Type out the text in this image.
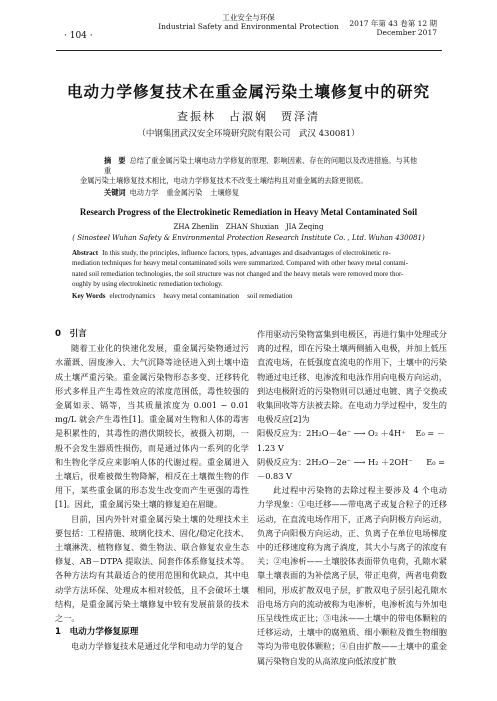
· 104 ·
工业安全与环保
Industrial Safety and Environmental Protection	2017 年第 43 卷第 12 期
December 2017
电动力学修复技术在重金属污染土壤修复中的研究
查振林　占淑娴　贾泽清
（中钢集团武汉安全环境研究院有限公司　武汉 430081）
摘　要 总结了重金属污染土壤电动力学修复的原理、影响因素、存在的问题以及改进措施。与其他重
金属污染土壤修复技术相比，电动力学修复技术不改变土壤结构且对重金属的去除更彻底。
关键词 电动力学 重金属污染 土壤修复
Research Progress of the Electrokinetic Remediation in Heavy Metal Contaminated Soil
ZHA Zhenlin　ZHAN Shuxian　JIA Zeqing
( Sinosteel Wuhan Safety & Environmental Protection Research Institute Co. , Ltd. Wuhan 430081)
Abstract In this study, the principles, influence factors, types, advantages and disadvantages of electrokinetic re-
mediation techniques for heavy metal contaminated soils were summarized. Compared with other heavy metal contami-
nated soil remediation technologies, the soil structure was not changed and the heavy metals were removed more thor-
oughly by using electrokinetic remediation techology.
Key Words electrodynamics heavy metal contamination soil remediation
0　引言

随着工业化的快速化发展，重金属污染物通过污水灌溉、固废渗入、大气沉降等途径进入到土壤中造成土壤严重污染。重金属污染物形态多变、迁移转化形式多样且产生毒性效应的浓度范围低，毒性较强的金属如汞、镉等，当其质量浓度为 0.001 ~ 0.01 mg/L 就会产生毒性[1]。重金属对生物和人体的毒害是积累性的，其毒性的潜伏期较长，被摄入初期，一般不会发生器质性损伤，而是通过体内一系列的化学和生物化学反应来影响人体的代谢过程。重金属进入土壤后，很难被微生物降解，相反在土壤微生物的作用下，某些重金属的形态发生改变而产生更强的毒性[1]。因此，重金属污染土壤的修复迫在眉睫。

目前，国内外针对重金属污染土壤的处理技术主要包括：工程措施、玻璃化技术、固化/稳定化技术、土壤淋洗、植物修复、微生物法、联合修复农业生态修复、AB－DTPA 提取法、间套作体系修复技术等。各种方法均有其最适合的使用范围和优缺点，其中电动学方法环保、处理成本相对较低，且不会破坏土壤结构，是重金属污染土壤修复中较有发展前景的技术之一。

1　电动力学修复原理

电动力学修复技术是通过化学和电动力学的复合

作用驱动污染物富集到电极区，再进行集中处理或分离的过程，即在污染土壤两侧插入电极，并加上低压直流电场，在低强度直流电的作用下，土壤中的污染物通过电迁移、电渗流和电泳作用向电极方向运动，到达电极附近的污染物则可以通过电镀、离子交换或收集回收等方法被去除。在电动力学过程中，发生的电极反应[2]为

阳极反应为：2H₂O－4e⁻ ⟶ O₂ ＋4H⁺ E₀ = －
1.23 V
阴极反应为：2H₂O－2e⁻ ⟶ H₂ ＋2OH⁻ E₀ =
－0.83 V

此过程中污染物的去除过程主要涉及 4 个电动力学现象：①电迁移——带电离子或复合粒子的迁移运动，在直流电场作用下，正离子向阴极方向运动，负离子向阳极方向运动，正、负离子在单位电场梯度中的迁移速度称为离子淌度，其大小与离子的浓度有关；②电渗析——土壤胶体表面带负电荷，孔隙水紧靠土壤表面的为补偿离子层，带正电荷，两者电荷数相同，形成扩散双电子层，扩散双电子层引起孔隙水沿电场方向的流动被称为电渗析，电渗析流与外加电压呈线性成正比；③电泳——土壤中的带电体颗粒的迁移运动，土壤中的腐殖质、细小颗粒及微生物细胞等均为带电胶体颗粒；④自由扩散——土壤中的重金属污染物自发的从高浓度向低浓度扩散
